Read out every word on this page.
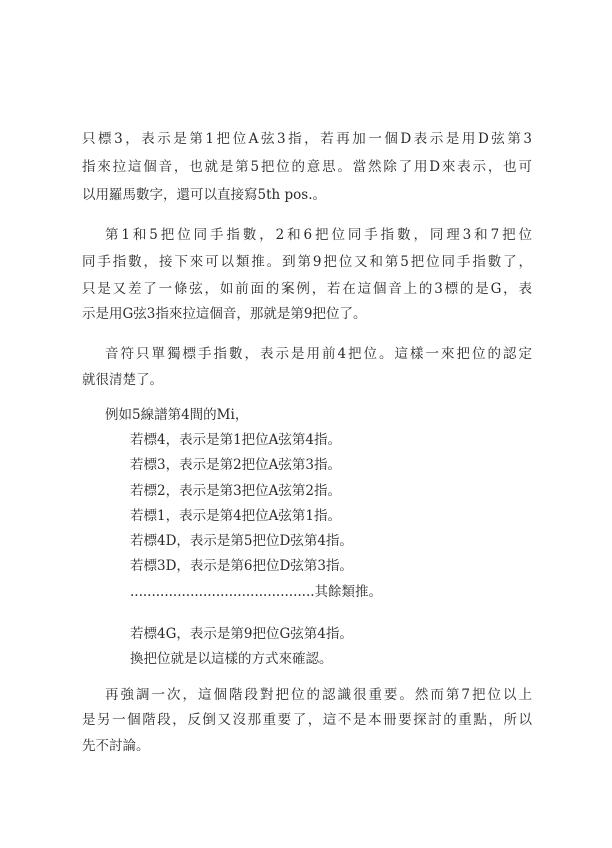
只標3，表示是第1把位A弦3指，若再加一個D表示是用D弦第3
指來拉這個音，也就是第5把位的意思。當然除了用D來表示，也可
以用羅馬數字，還可以直接寫5th pos.。
第1和5把位同手指數，2和6把位同手指數，同理3和7把位
同手指數，接下來可以類推。到第9把位又和第5把位同手指數了，
只是又差了一條弦，如前面的案例，若在這個音上的3標的是G，表
示是用G弦3指來拉這個音，那就是第9把位了。
音符只單獨標手指數，表示是用前4把位。這樣一來把位的認定
就很清楚了。
例如5線譜第4間的Mi，
若標4，表示是第1把位A弦第4指。
若標3，表示是第2把位A弦第3指。
若標2，表示是第3把位A弦第2指。
若標1，表示是第4把位A弦第1指。
若標4D，表示是第5把位D弦第4指。
若標3D，表示是第6把位D弦第3指。
...........................................其餘類推。
若標4G，表示是第9把位G弦第4指。
換把位就是以這樣的方式來確認。
再強調一次，這個階段對把位的認識很重要。然而第7把位以上
是另一個階段，反倒又沒那重要了，這不是本冊要探討的重點，所以
先不討論。
